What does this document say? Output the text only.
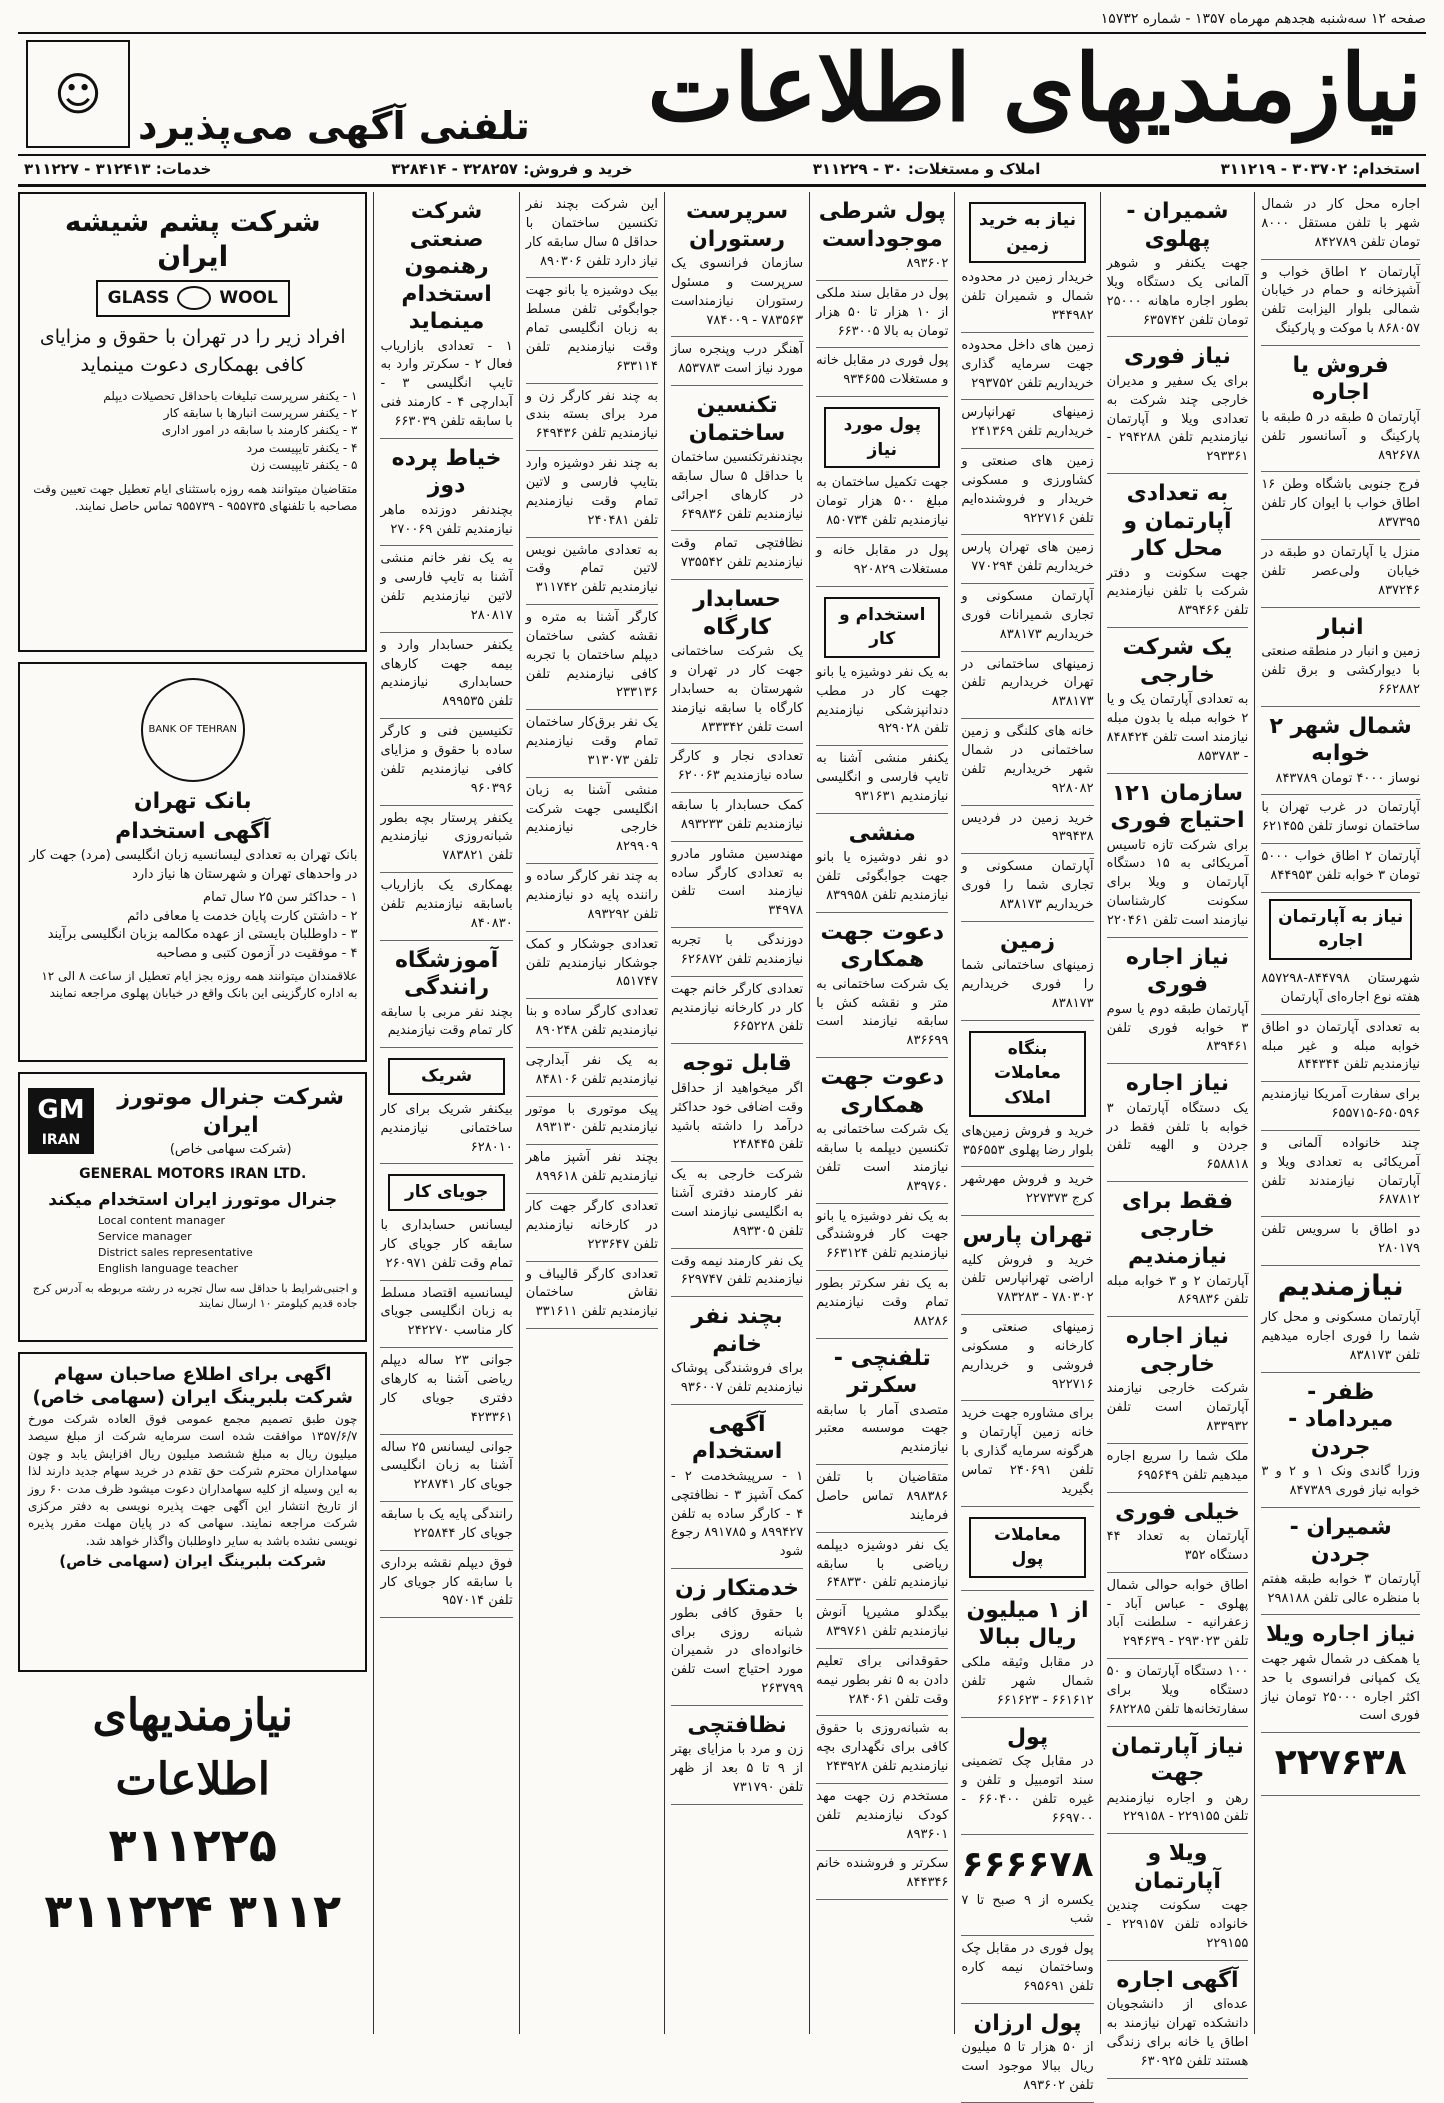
صفحه ۱۲ سه‌شنبه هجدهم مهرماه ۱۳۵۷ - شماره ۱۵۷۳۲
نیازمندیهای اطلاعات
تلفنی آگهی می‌پذیرد
☺
استخدام: ۳۰۳۷۰۲ - ۳۱۱۲۱۹
املاک و مستغلات: ۳۰ - ۳۱۱۲۲۹
خرید و فروش: ۳۲۸۲۵۷ - ۳۲۸۴۱۴
خدمات: ۳۱۲۴۱۳ - ۳۱۱۲۲۷
اجاره محل کار در شمال شهر با تلفن مستقل ۸۰۰۰ تومان تلفن ۸۴۲۷۸۹
آپارتمان ۲ اطاق خواب و آشپزخانه و حمام در خیابان شمالی بلوار الیزابت تلفن ۸۶۸۰۵۷ با موکت و پارکینگ
فروش یا اجاره
آپارتمان ۵ طبقه در ۵ طبقه با پارکینگ و آسانسور تلفن ۸۹۲۶۷۸
فرج جنوبی باشگاه وطن ۱۶ اطاق خواب با ایوان کار تلفن ۸۳۷۳۹۵
منزل یا آپارتمان دو طبقه در خیابان ولی‌عصر تلفن ۸۳۷۲۴۶
انبار
زمین و انبار در منطقه صنعتی با دیوارکشی و برق تلفن ۶۶۲۸۸۲
شمال شهر ۲ خوابه
نوساز ۴۰۰۰ تومان ۸۴۳۷۸۹
آپارتمان در غرب تهران با ساختمان نوساز تلفن ۶۲۱۴۵۵
آپارتمان ۲ اطاق خواب ۵۰۰۰ تومان ۳ خوابه تلفن ۸۴۴۹۵۳
نیاز به آپارتمان اجاره
شهرستان ۸۴۴۷۹۸-۸۵۷۲۹۸ هفته نوع اجاره‌ای آپارتمان
به تعدادی آپارتمان دو اطاق خوابه مبله و غیر مبله نیازمندیم تلفن ۸۴۴۳۴۴
برای سفارت آمریکا نیازمندیم ۶۵۰۵۹۶-۶۵۵۷۱۵
چند خانواده آلمانی و آمریکائی به تعدادی ویلا و آپارتمان نیازمندند تلفن ۶۸۷۸۱۲
دو اطاق با سرویس تلفن ۲۸۰۱۷۹
نیازمندیم
آپارتمان مسکونی و محل کار شما را فوری اجاره میدهیم تلفن ۸۳۸۱۷۳
ظفر - میرداماد - جردن
وزرا گاندی ونک ۱ و ۲ و ۳ خوابه نیاز فوری ۸۴۷۳۸۹
شمیران - جردن
آپارتمان ۳ خوابه طبقه هفتم با منظره عالی تلفن ۲۹۸۱۸۸
نیاز اجاره ویلا
یا همکف در شمال شهر جهت یک کمپانی فرانسوی با حد اکثر اجاره ۲۵۰۰۰ تومان نیاز فوری است
۲۲۷۶۳۸
شمیران - پهلوی
جهت یکنفر و شوهر آلمانی یک دستگاه ویلا بطور اجاره ماهانه ۲۵۰۰۰ تومان تلفن ۶۳۵۷۴۲
نیاز فوری
برای یک سفیر و مدیران خارجی چند شرکت به تعدادی ویلا و آپارتمان نیازمندیم تلفن ۲۹۴۲۸۸ - ۲۹۳۳۶۱
به تعدادی آپارتمان و محل کار
جهت سکونت و دفتر شرکت با تلفن نیازمندیم تلفن ۸۳۹۴۶۶
یک شرکت خارجی
به تعدادی آپارتمان یک و یا ۲ خوابه مبله یا بدون مبله نیازمند است تلفن ۸۴۸۴۲۴ - ۸۵۳۷۸۳
سازمان ۱۲۱ احتیاج فوری
برای شرکت تازه تاسیس آمریکائی به ۱۵ دستگاه آپارتمان و ویلا برای سکونت کارشناسان نیازمند است تلفن ۲۲۰۴۶۱
نیاز اجاره فوری
آپارتمان طبقه دوم یا سوم ۳ خوابه فوری تلفن ۸۳۹۴۶۱
نیاز اجاره
یک دستگاه آپارتمان ۳ خوابه با تلفن فقط در جردن و الهیه تلفن ۶۵۸۸۱۸
فقط برای خارجی نیازمندیم
آپارتمان ۲ و ۳ خوابه مبله تلفن ۸۶۹۸۳۶
نیاز اجاره خارجی
شرکت خارجی نیازمند آپارتمان است تلفن ۸۳۳۹۳۲
ملک شما را سریع اجاره میدهیم تلفن ۶۹۵۶۴۹
خیلی فوری
آپارتمان به تعداد ۴۴ دستگاه ۳۵۲
اطاق خوابه حوالی شمال پهلوی - عباس آباد - زعفرانیه - سلطنت آباد تلفن ۲۹۳۰۲۳ - ۲۹۴۶۳۹
۱۰۰ دستگاه آپارتمان و ۵۰ دستگاه ویلا برای سفارتخانه‌ها تلفن ۶۸۲۲۸۵
نیاز آپارتمان جهت
رهن و اجاره نیازمندیم تلفن ۲۲۹۱۵۵ - ۲۲۹۱۵۸
ویلا و آپارتمان
جهت سکونت چندین خانواده تلفن ۲۲۹۱۵۷ - ۲۲۹۱۵۵
آگهی اجاره
عده‌ای از دانشجویان دانشکده تهران نیازمند به اطاق یا خانه برای زندگی هستند تلفن ۶۳۰۹۲۵
نیاز به خرید زمین
خریدار زمین در محدوده شمال و شمیران تلفن ۳۴۴۹۸۲
زمین های داخل محدوده جهت سرمایه گذاری خریداریم تلفن ۲۹۳۷۵۲
زمینهای تهرانپارس خریداریم تلفن ۲۴۱۳۶۹
زمین های صنعتی و کشاورزی و مسکونی خریدار و فروشنده‌ایم تلفن ۹۲۲۷۱۶
زمین های تهران پارس خریداریم تلفن ۷۷۰۲۹۴
آپارتمان مسکونی و تجاری شمیرانات فوری خریداریم ۸۳۸۱۷۳
زمینهای ساختمانی در تهران خریداریم تلفن ۸۳۸۱۷۳
خانه های کلنگی و زمین ساختمانی در شمال شهر خریداریم تلفن ۹۲۸۰۸۲
خرید زمین در فردیس ۹۳۹۴۳۸
آپارتمان مسکونی و تجاری شما را فوری خریداریم ۸۳۸۱۷۳
زمین
زمینهای ساختمانی شما را فوری خریداریم ۸۳۸۱۷۳
بنگاه معاملات املاک
خرید و فروش زمین‌های بلوار رضا پهلوی ۳۵۶۵۵۳
خرید و فروش مهرشهر کرج ۲۲۷۳۷۳
تهران پارس
خرید و فروش کلیه اراضی تهرانپارس تلفن ۷۸۰۳۰۲ - ۷۸۳۲۸۳
زمینهای صنعتی و کارخانه و مسکونی فروشی و خریداریم ۹۲۲۷۱۶
برای مشاوره جهت خرید خانه زمین آپارتمان و هرگونه سرمایه گذاری با تلفن ۲۴۰۶۹۱ تماس بگیرید
معاملات پول
از ۱ میلیون ریال ببالا
در مقابل وثیقه ملکی شمال شهر تلفن ۶۶۱۶۱۲ - ۶۶۱۶۲۳
پول
در مقابل چک تضمینی سند اتومبیل و تلفن و غیره تلفن ۶۶۰۴۰۰ - ۶۶۹۷۰۰
۶۶۶۶۷۸
یکسره از ۹ صبح تا ۷ شب
پول فوری در مقابل چک وساختمان نیمه کاره تلفن ۶۹۵۶۹۱
پول ارزان
از ۵۰ هزار تا ۵ میلیون ریال ببالا موجود است تلفن ۸۹۳۶۰۲
پول شرطی موجوداست
۸۹۳۶۰۲
پول در مقابل سند ملکی از ۱۰ هزار تا ۵۰ هزار تومان به بالا ۶۶۳۰۰۵
پول فوری در مقابل خانه و مستغلات ۹۳۴۶۵۵
پول مورد نیاز
جهت تکمیل ساختمان به مبلغ ۵۰۰ هزار تومان نیازمندیم تلفن ۸۵۰۷۳۴
پول در مقابل خانه و مستغلات ۹۲۰۸۲۹
استخدام و کار
به یک نفر دوشیزه یا بانو جهت کار در مطب دندانپزشکی نیازمندیم تلفن ۹۲۹۰۲۸
یکنفر منشی آشنا به تایپ فارسی و انگلیسی نیازمندیم ۹۳۱۶۳۱
منشی
دو نفر دوشیزه یا بانو جهت جوابگوئی تلفن نیازمندیم تلفن ۸۳۹۹۵۸
دعوت جهت همکاری
یک شرکت ساختمانی به متر و نقشه کش با سابقه نیازمند است ۸۳۶۶۹۹
دعوت جهت همکاری
یک شرکت ساختمانی به تکنسین دیپلمه با سابقه نیازمند است تلفن ۸۳۹۷۶۰
به یک نفر دوشیزه یا بانو جهت کار فروشندگی نیازمندیم تلفن ۶۶۳۱۲۴
به یک نفر سکرتر بطور تمام وقت نیازمندیم ۸۸۲۸۶
تلفنچی - سکرتر
متصدی آمار با سابقه جهت موسسه معتبر نیازمندیم
متقاضیان با تلفن ۸۹۸۳۸۶ تماس حاصل فرمایند
یک نفر دوشیزه دیپلمه ریاضی با سابقه نیازمندیم تلفن ۶۴۸۳۳۰
بیگدلو مشیرپا آنوش نیازمندیم تلفن ۸۳۹۷۶۱
حقوقدانی برای تعلیم دادن به ۵ نفر بطور نیمه وقت تلفن ۲۸۴۰۶۱
به شبانه‌روزی با حقوق کافی برای نگهداری بچه نیازمندیم تلفن ۲۴۳۹۲۸
مستخدم زن جهت مهد کودک نیازمندیم تلفن ۸۹۳۶۰۱
سکرتر و فروشنده خانم ۸۴۴۳۴۶
سرپرست رستوران
سازمان فرانسوی یک سرپرست و مسئول رستوران نیازمنداست ۷۸۳۵۶۳ - ۷۸۴۰۰۹
آهنگر درب وپنجره ساز مورد نیاز است ۸۵۳۷۸۳
تکنسین ساختمان
بچندنفرتکنسین ساختمان با حداقل ۵ سال سابقه در کارهای اجرائی نیازمندیم تلفن ۶۴۹۸۳۶
نظافتچی تمام وقت نیازمندیم تلفن ۷۳۵۵۴۲
حسابدار کارگاه
یک شرکت ساختمانی جهت کار در تهران و شهرستان به حسابدار کارگاه با سابقه نیازمند است تلفن ۸۳۳۳۴۲
تعدادی نجار و کارگر ساده نیازمندیم ۶۲۰۰۶۳
کمک حسابدار با سابقه نیازمندیم تلفن ۸۹۳۲۳۳
مهندسین مشاور مادرو به تعدادی کارگر ساده نیازمند است تلفن ۳۴۹۷۸
دوزندگی با تجربه نیازمندیم تلفن ۶۲۶۸۷۲
تعدادی کارگر خانم جهت کار در کارخانه نیازمندیم تلفن ۶۶۵۲۲۸
قابل توجه
اگر میخواهید از حداقل وقت اضافی خود حداکثر درآمد را داشته باشید تلفن ۲۴۸۴۴۵
شرکت خارجی به یک نفر کارمند دفتری آشنا به انگلیسی نیازمند است تلفن ۸۹۳۳۰۵
یک نفر کارمند نیمه وقت نیازمندیم تلفن ۶۲۹۷۴۷
بچند نفر خانم
برای فروشندگی پوشاک نیازمندیم تلفن ۹۳۶۰۰۷
آگهی استخدام
۱ - سرپیشخدمت ۲ - کمک آشپز ۳ - نظافتچی ۴ - کارگر ساده به تلفن ۸۹۹۴۲۷ و ۸۹۱۷۸۵ رجوع شود
خدمتکار زن
با حقوق کافی بطور شبانه روزی برای خانواده‌ای در شمیران مورد احتیاج است تلفن ۲۶۳۷۹۹
نظافتچی
زن و مرد با مزایای بهتر از ۹ تا ۵ بعد از ظهر تلفن ۷۳۱۷۹۰
این شرکت بچند نفر تکنسین ساختمان با حداقل ۵ سال سابقه کار نیاز دارد تلفن ۸۹۰۳۰۶
بیک دوشیزه یا بانو جهت جوابگوئی تلفن مسلط به زبان انگلیسی تمام وقت نیازمندیم تلفن ۶۳۳۱۱۴
به چند نفر کارگر زن و مرد برای بسته بندی نیازمندیم تلفن ۶۴۹۴۳۶
به چند نفر دوشیزه وارد بتایپ فارسی و لاتین تمام وقت نیازمندیم تلفن ۲۴۰۴۸۱
به تعدادی ماشین نویس لاتین تمام وقت نیازمندیم تلفن ۳۱۱۷۴۲
کارگر آشنا به متره و نقشه کشی ساختمان دیپلم ساختمان با تجربه کافی نیازمندیم تلفن ۲۳۳۱۳۶
یک نفر برق‌کار ساختمان تمام وقت نیازمندیم تلفن ۳۱۳۰۷۳
منشی آشنا به زبان انگلیسی جهت شرکت خارجی نیازمندیم ۸۲۹۹۰۹
به چند نفر کارگر ساده و راننده پایه دو نیازمندیم تلفن ۸۹۳۲۹۲
تعدادی جوشکار و کمک جوشکار نیازمندیم تلفن ۸۵۱۷۴۷
تعدادی کارگر ساده و بنا نیازمندیم تلفن ۸۹۰۲۴۸
به یک نفر آبدارچی نیازمندیم تلفن ۸۴۸۱۰۶
پیک موتوری با موتور نیازمندیم تلفن ۸۹۳۱۳۰
بچند نفر آشپز ماهر نیازمندیم تلفن ۸۹۹۶۱۸
تعدادی کارگر جهت کار در کارخانه نیازمندیم تلفن ۲۲۳۶۴۷
تعدادی کارگر قالیباف و نقاش ساختمان نیازمندیم تلفن ۳۳۱۶۱۱
شرکت صنعتی رهنمون استخدام مینماید
۱ - تعدادی بازاریاب فعال ۲ - سکرتر وارد به تایپ انگلیسی ۳ - آبدارچی ۴ - کارمند فنی با سابقه تلفن ۶۶۳۰۳۹
خیاط پرده دوز
بچندنفر دوزنده ماهر نیازمندیم تلفن ۲۷۰۰۶۹
به یک نفر خانم منشی آشنا به تایپ فارسی و لاتین نیازمندیم تلفن ۲۸۰۸۱۷
یکنفر حسابدار وارد و بیمه جهت کارهای حسابداری نیازمندیم تلفن ۸۹۹۵۳۵
تکنیسین فنی و کارگر ساده با حقوق و مزایای کافی نیازمندیم تلفن ۹۶۰۳۹۶
یکنفر پرستار بچه بطور شبانه‌روزی نیازمندیم تلفن ۷۸۳۸۲۱
بهمکاری یک بازاریاب باسابقه نیازمندیم تلفن ۸۴۰۸۳۰
آموزشگاه رانندگی
بچند نفر مربی با سابقه کار تمام وقت نیازمندیم
شریک
بیکنفر شریک برای کار ساختمانی نیازمندیم ۶۲۸۰۱۰
جویای کار
لیسانس حسابداری با سابقه کار جویای کار تمام وقت تلفن ۲۶۰۹۷۱
لیسانسیه اقتصاد مسلط به زبان انگلیسی جویای کار مناسب ۲۴۲۲۷۰
جوانی ۲۳ ساله دیپلم ریاضی آشنا به کارهای دفتری جویای کار ۴۲۳۳۶۱
جوانی لیسانس ۲۵ ساله آشنا به زبان انگلیسی جویای کار ۲۲۸۷۴۱
رانندگی پایه یک با سابقه جویای کار ۲۲۵۸۴۴
فوق دیپلم نقشه برداری با سابقه کار جویای کار تلفن ۹۵۷۰۱۴
شرکت پشم شیشه ایران
GLASS	WOOL
افراد زیر را در تهران با حقوق و مزایای کافی بهمکاری دعوت مینماید
۱ - یکنفر سرپرست تبلیغات باحداقل تحصیلات دیپلم
۲ - یکنفر سرپرست انبارها با سابقه کار
۳ - یکنفر کارمند با سابقه در امور اداری
۴ - یکنفر تایپیست مرد
۵ - یکنفر تایپیست زن
متقاضیان میتوانند همه روزه باستثنای ایام تعطیل جهت تعیین وقت مصاحبه با تلفنهای ۹۵۵۷۳۵ - ۹۵۵۷۳۹ تماس حاصل نمایند.
BANK OF TEHRAN
بانک تهران
آگهی استخدام
بانک تهران به تعدادی لیسانسیه زبان انگلیسی (مرد) جهت کار در واحدهای تهران و شهرستان ها نیاز دارد
۱ - حداکثر سن ۲۵ سال تمام
۲ - داشتن کارت پایان خدمت یا معافی دائم
۳ - داوطلبان بایستی از عهده مکالمه بزبان انگلیسی برآیند
۴ - موفقیت در آزمون کتبی و مصاحبه
علاقمندان میتوانند همه روزه بجز ایام تعطیل از ساعت ۸ الی ۱۲ به اداره کارگزینی این بانک واقع در خیابان پهلوی مراجعه نمایند
GM
IRAN
شرکت جنرال موتورز ایران
(شرکت سهامی خاص)
GENERAL MOTORS IRAN LTD.
جنرال موتورز ایران استخدام میکند
Local content manager
Service manager
District sales representative
English language teacher
و اجنبی‌شرایط با حداقل سه سال تجربه در رشته مربوطه به آدرس کرج جاده قدیم کیلومتر ۱۰ ارسال نمایند
اگهی برای اطلاع صاحبان سهام شرکت بلبرینگ ایران (سهامی خاص)
چون طبق تصمیم مجمع عمومی فوق العاده شرکت مورخ ۱۳۵۷/۶/۷ موافقت شده است سرمایه شرکت از مبلغ سیصد میلیون ریال به مبلغ ششصد میلیون ریال افزایش یابد و چون سهامداران محترم شرکت حق تقدم در خرید سهام جدید دارند لذا به این وسیله از کلیه سهامداران دعوت میشود ظرف مدت ۶۰ روز از تاریخ انتشار این آگهی جهت پذیره نویسی به دفتر مرکزی شرکت مراجعه نمایند. سهامی که در پایان مهلت مقرر پذیره نویسی نشده باشد به سایر داوطلبان واگذار خواهد شد.
شرکت بلبرینگ ایران (سهامی خاص)
نیازمندیهای اطلاعات
۳۱۱۲۲۵ ۳۱۱۲۲۴ ۳۱۱۲
